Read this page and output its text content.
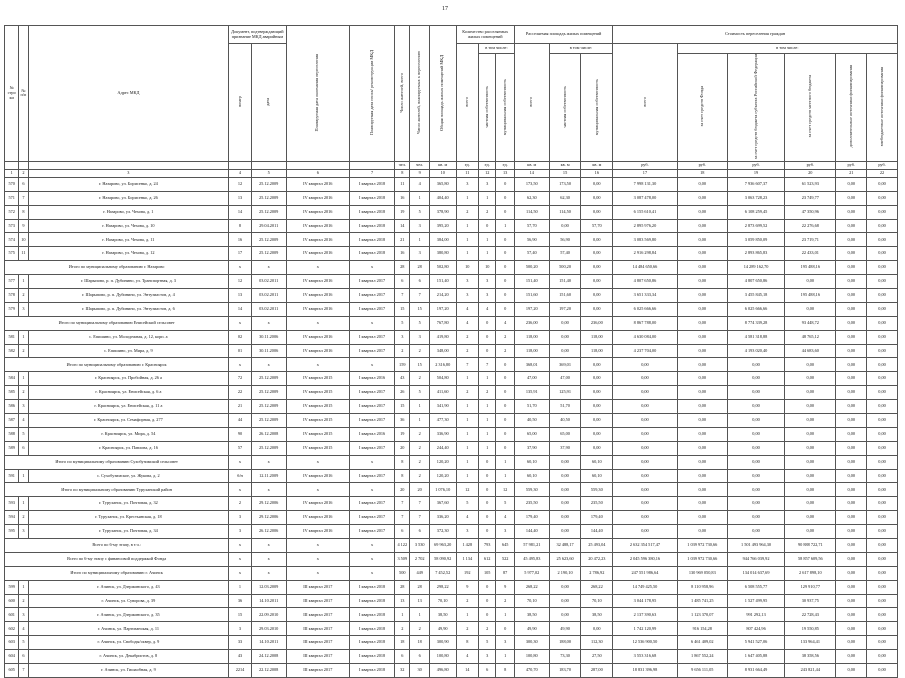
17
№ стро ки	№ п/п	Адрес МКД	Документ, подтверждающий признание МКД аварийным		Планируемая дата окончания переселения	Планируемая дата сноса/ реконструкции МКД	Число жителей, всего	Число жителей, планируемых к переселению	Общая площадь жилых помещений МКД	Количество расселяемых жилых помещений			Расселяемая площадь жилых помещений			Стоимость переселения граждан					
			номер	дата						всего	в том числе:		всего	в том числе:		всего	в том числе:				
											частная собственность	муниципальная собственность		частная собственность	муниципальная собственность		за счет средств Фонда	за счет средств бюджета субъекта Российской Федерации	за счет средств местного бюджета	дополнительные источники финансирования	внебюджетные источники финансирования
							чел.	чел.	кв. м	ед.	ед.	ед.	кв. м	кв. м	кв. м	руб.	руб.	руб.	руб.	руб.	руб.
1	2	3	4	5	6	7	8	9	10	11	12	13	14	15	16	17	18	19	20	21	22
570	6	г. Назарово, ул. Борисенко, д. 24	12	25.12.2009	IV квартал 2016	I квартал 2018	11	4	365,80	3	3	0	173,50	173,50	0,00	7 998 131,30	0,00	7 936 607,37	61 523,93	0,00	0,00
571	7	г. Назарово, ул. Борисенко, д. 26	13	25.12.2009	IV квартал 2016	I квартал 2018	16	1	404,40	1	1	0	62,30	62,30	0,00	3 087 478,00	0,00	3 063 728,23	23 749,77	0,00	0,00
572	8	г. Назарово, ул. Чехова, д. 1	14	25.12.2009	IV квартал 2016	I квартал 2018	19	5	378,90	2	2	0	114,50	114,50	0,00	6 155 610,41	0,00	6 108 259,45	47 350,96	0,00	0,00
573	9	г. Назарово, ул. Чехова, д. 10	8	29.04.2011	IV квартал 2016	I квартал 2018	14	3	395,20	1	0	1	57,70	0,00	57,70	2 895 976,20	0,00	2 873 699,52	22 276,68	0,00	0,00
574	10	г. Назарово, ул. Чехова, д. 11	16	25.12.2009	IV квартал 2016	I квартал 2018	21	1	384,00	1	1	0	56,90	56,90	0,00	3 083 569,80	0,00	3 059 850,09	23 719,71	0,00	0,00
575	11	г. Назарово, ул. Чехова, д. 12	17	25.12.2009	IV квартал 2016	I квартал 2018	16	3	380,80	1	1	0	57,40	57,40	0,00	2 916 298,84	0,00	2 893 865,83	22 433,01	0,00	0,00
Итого по муниципальному образованию г. Назарово			x	x	x	x	28	28	502,80	10	10	0	500,20	500,20	0,00	14 484 650,66	0,00	14 289 162,70	195 488,16	0,00	0,00
577	1	г. Шарыпово, р. п. Дубинино, ул. Транспортная, д. 3	12	03.02.2011	IV квартал 2016	I квартал 2017	6	6	151,40	3	3	0	151,40	151,40	0,00	4 807 650,86	0,00	4 807 650,86	0,00	0,00	0,00
578	2	г. Шарыпово, р. п. Дубинино, ул. Энтузиастов, д. 4	13	03.02.2011	IV квартал 2016	I квартал 2017	7	7	214,20	3	3	0	151,60	151,60	0,00	3 651 333,34	0,00	3 455 845,18	195 488,16	0,00	0,00
579	3	г. Шарыпово, р. п. Дубинино, ул. Энтузиастов, д. 6	14	03.02.2011	IV квартал 2016	I квартал 2017	15	15	197,20	4	4	0	197,20	197,20	0,00	6 025 666,66	0,00	6 025 666,66	0,00	0,00	0,00
Итого по муниципальному образованию Енисейский сельсовет			x	x	x	x	5	5	767,80	4	0	4	236,00	0,00	236,00	8 867 788,00	0,00	8 774 339,28	93 448,72	0,00	0,00
581	1	с. Епишино, ул. Молодежная, д. 12, корп. а	02	30.11.2006	IV квартал 2016	I квартал 2017	3	3	419,80	2	0	2	118,00	0,00	118,00	4 630 084,00	0,00	4 581 318,88	48 765,12	0,00	0,00
582	2	с. Епишино, ул. Мира, д. 9	01	30.11.2006	IV квартал 2016	I квартал 2017	2	2	348,00	2	0	2	118,00	0,00	118,00	4 237 704,00	0,00	4 193 020,40	44 683,60	0,00	0,00
Итого по муниципальному образованию г. Красноярск			x	x	x	x	159	15	2 316,80	7	7	0	368,01	369,01	0,00	0,00	0,00	0,00	0,00	0,00	0,00
584	1	г. Красноярск, ул. Пробойная, д. 26 а	72	25.12.2009	IV квартал 2015	I квартал 2016	43	2	504,80	1	1	0	47,00	47,00	0,00	0,00	0,00	0,00	0,00	0,00	0,00
585	2	г. Красноярск, ул. Енисейская, д. 6 а	22	25.12.2009	IV квартал 2015	I квартал 2017	26	5	411,60	2	2	0	135,91	125,91	0,00	0,00	0,00	0,00	0,00	0,00	0,00
586	3	г. Красноярск, ул. Енисейская, д. 11 а	21	25.12.2009	IV квартал 2015	I квартал 2017	15	1	341,90	1	1	0	51,70	51,70	0,00	0,00	0,00	0,00	0,00	0,00	0,00
587	4	г. Красноярск, ул. Семафорная, д. 277	44	25.12.2009	IV квартал 2015	I квартал 2017	36	1	477,30	1	1	0	40,50	40,50	0,00	0,00	0,00	0,00	0,00	0,00	0,00
588	5	г. Красноярск, ул. Мира, д. 54	90	26.12.2008	IV квартал 2015	I квартал 2016	19	2	336,90	1	1	0	65,00	65,00	0,00	0,00	0,00	0,00	0,00	0,00	0,00
589	6	г. Красноярск, ул. Павлова, д. 16	57	25.12.2009	IV квартал 2015	I квартал 2017	20	2	244,40	1	1	0	37,90	37,90	0,00	0,00	0,00	0,00	0,00	0,00	0,00
Итого по муниципальному образованию Сухобузимский сельсовет			x	x	x	x	8	2	120,20	1	0	1	60,10	0,00	60,10	0,00	0,00	0,00	0,00	0,00	0,00
591	1	с. Сухобузимское, ул. Жукова, д. 2	б/н	12.11.2009	IV квартал 2016	I квартал 2017	8	2	120,20	1	0	1	60,10	0,00	60,10	0,00	0,00	0,00	0,00	0,00	0,00
Итого по муниципальному образованию Туруханский район			x	x	x	x	20	20	1 076,10	12	0	12	559,30	0,00	559,30	0,00	0,00	0,00	0,00	0,00	0,00
593	1	г. Туруханск, ул. Почтовая, д. 32	2	29.12.2006	IV квартал 2016	I квартал 2017	7	7	367,60	5	0	5	235,50	0,00	235,50	0,00	0,00	0,00	0,00	0,00	0,00
594	2	г. Туруханск, ул. Крестьянская, д. 18	3	29.12.2006	IV квартал 2016	I квартал 2017	7	7	336,20	4	0	4	179,40	0,00	179,40	0,00	0,00	0,00	0,00	0,00	0,00
595	3	г. Туруханск, ул. Почтовая, д. 34	3	26.12.2006	IV квартал 2016	I квартал 2017	6	6	372,30	3	0	3	144,40	0,00	144,40	0,00	0,00	0,00	0,00	0,00	0,00
Всего по 6-му этапу, в т.ч.:			x	x	x	x	4 122	3 530	69 963,20	1 428	793	645	57 981,21	32 488,17	25 493,04	2 632 354 517,47	1 039 972 730,66	1 501 493 964,30	90 888 722,71	0,00	0,00
Всего по 6-му этапу с финансовой поддержкой Фонда			x	x	x	x	3 509	2 702	58 090,92	1 134	612	522	45 495,83	25 623,60	20 472,23	2 045 596 380,16	1 039 972 730,66	944 766 039,92	58 857 609,56	0,00	0,00
Итого по муниципальному образованию г. Ачинск			x	x	x	x	500	449	7 452,52	192	105	87	5 977,02	2 190,10	2 786,92	247 551 986,64	130 969 050,83	134 014 637,69	2 617 898,10	0,00	0,00
599	1	г. Ачинск, ул. Дзержинского, д. 43	1	12.03.2009	III квартал 2017	I квартал 2018	28	28	298,22	9	0	9	268,22	0,00	268,22	14 749 425,50	8 110 958,96	6 508 555,77	129 910,77	0,00	0,00
600	2	г. Ачинск, ул. Суворова, д. 39	36	14.10.2011	III квартал 2017	I квартал 2018	13	13	70,10	2	0	2	70,10	0,00	70,10	3 044 178,95	1 485 741,25	1 527 499,95	30 937,75	0,00	0,00
601	3	г. Ачинск, ул. Дзержинского, д. 35	15	22.09.2010	III квартал 2017	I квартал 2018	1	1	38,50	1	0	1	38,50	0,00	38,50	2 137 390,63	1 123 370,07	991 292,13	22 728,43	0,00	0,00
602	4	г. Ачинск, ул. Партизанская, д. 11	3	29.03.2010	III квартал 2017	I квартал 2018	2	2	49,90	2	2	0	49,90	49,90	0,00	1 742 120,99	916 154,28	807 424,96	19 550,85	0,00	0,00
603	5	г. Ачинск, ул. Свободы/сквер, д. 9	33	14.10.2011	III квартал 2017	I квартал 2018	18	18	300,90	8	5	3	300,30	188,00	112,30	12 536 900,50	6 461 409,02	5 941 527,06	133 964,41	0,00	0,00
604	6	г. Ачинск, ул. Декабристов, д. 8	43	24.12.2008	III квартал 2017	I квартал 2018	6	6	100,80	4	3	1	100,80	73,30	27,50	3 553 316,68	1 867 552,24	1 647 405,88	38 358,56	0,00	0,00
605	7	г. Ачинск, ул. Гишаобная, д. 9	2214	22.12.2008	III квартал 2017	I квартал 2018	32	30	496,80	14	6	8	470,70	183,70	287,00	18 831 396,98	9 656 111,05	8 931 664,49	243 821,44	0,00	0,00
